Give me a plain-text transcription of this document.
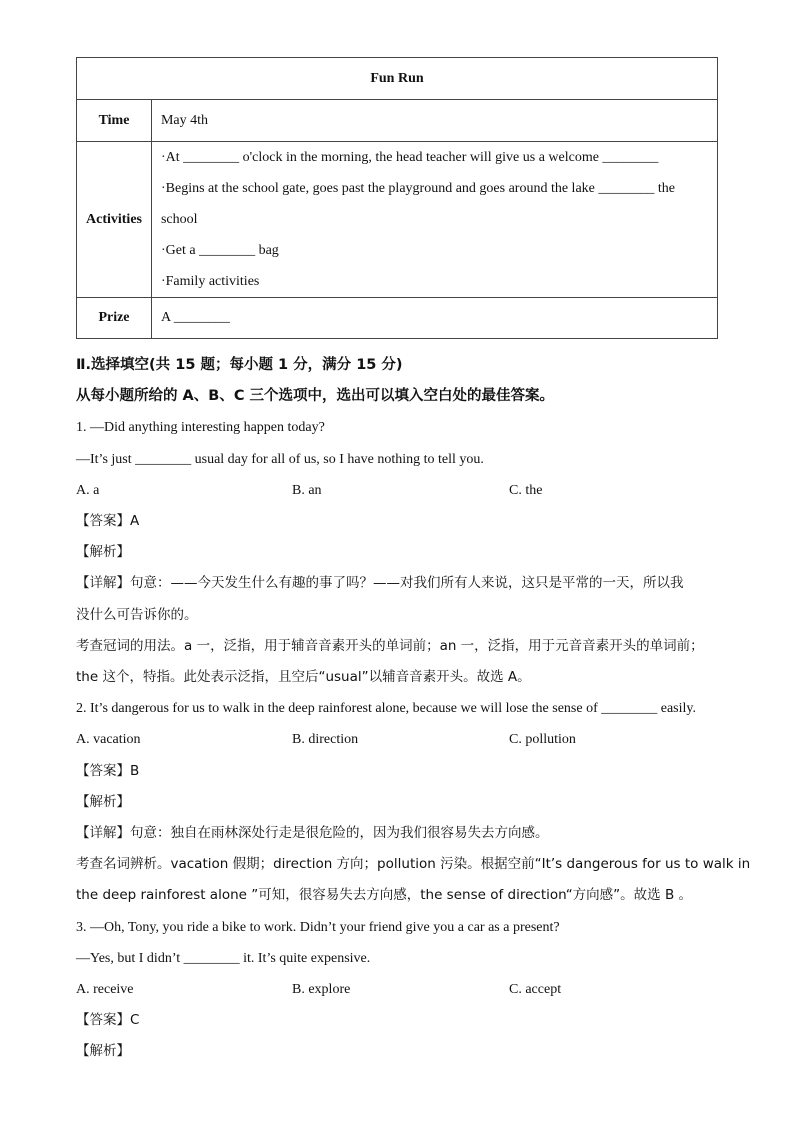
Fun Run	
Time	May 4th
Activities	·At ________ o'clock in the morning, the head teacher will give us a welcome ________
·Begins at the school gate, goes past the playground and goes around the lake ________ the
school
·Get a ________ bag
·Family activities

Prize	A ________
Ⅱ.选择填空(共 15 题；每小题 1 分，满分 15 分)
从每小题所给的 A、B、C 三个选项中，选出可以填入空白处的最佳答案。
1. —Did anything interesting happen today?
—It’s just ________ usual day for all of us, so I have nothing to tell you.
A. a	B. an	C. the
【答案】A
【解析】
【详解】句意：——今天发生什么有趣的事了吗？——对我们所有人来说，这只是平常的一天，所以我
没什么可告诉你的。
考查冠词的用法。a 一，泛指，用于辅音音素开头的单词前；an 一，泛指，用于元音音素开头的单词前；
the 这个，特指。此处表示泛指，且空后“usual”以辅音音素开头。故选 A。
2. It’s dangerous for us to walk in the deep rainforest alone, because we will lose the sense of ________ easily.
A. vacation	B. direction	C. pollution
【答案】B
【解析】
【详解】句意：独自在雨林深处行走是很危险的，因为我们很容易失去方向感。
考查名词辨析。vacation 假期；direction 方向；pollution 污染。根据空前“It’s dangerous for us to walk in
the deep rainforest alone ”可知，很容易失去方向感，the sense of direction“方向感”。故选 B 。
3. —Oh, Tony, you ride a bike to work. Didn’t your friend give you a car as a present?
—Yes, but I didn’t ________ it. It’s quite expensive.
A. receive	B. explore	C. accept
【答案】C
【解析】
